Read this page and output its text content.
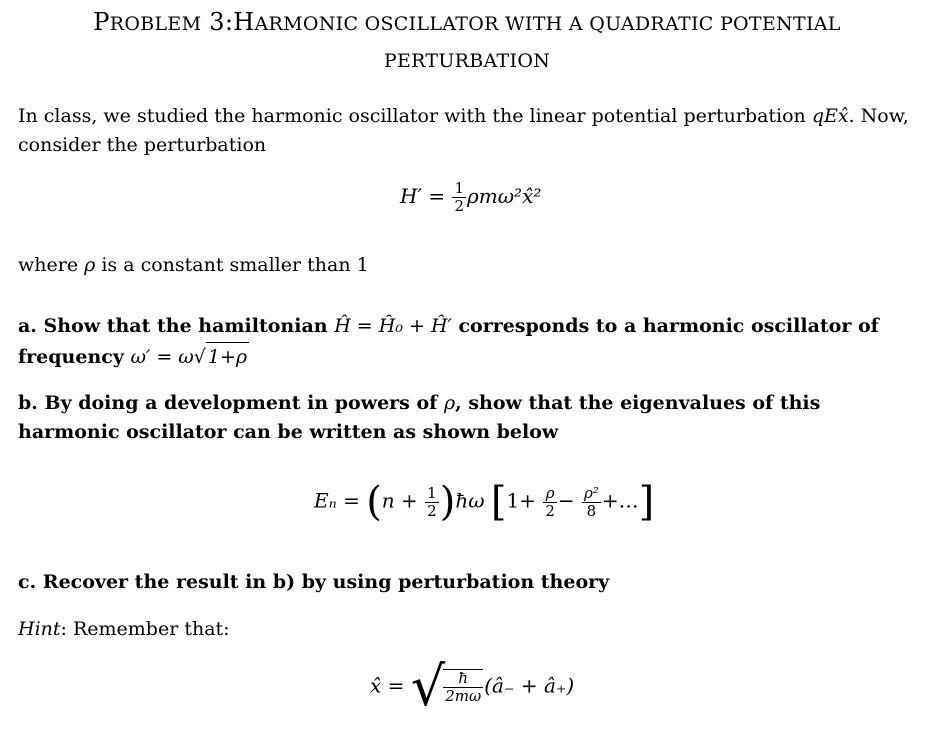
PROBLEM 3:HARMONIC OSCILLATOR WITH A QUADRATIC POTENTIAL
PERTURBATION
In class, we studied the harmonic oscillator with the linear potential perturbation qEx̂. Now,
consider the perturbation
$H' = \frac{1}{2}$ ρmω²x̂²
where ρ is a constant smaller than 1
a. Show that the hamiltonian Ĥ = Ĥ₀ + Ĥ′ corresponds to a harmonic oscillator of
frequency ω′ = ω√ 1+ρ
b. By doing a development in powers of ρ, show that the eigenvalues of this
harmonic oscillator can be written as shown below
$E_n = (n + \frac{1}{2}$ )ħω [$1+ \frac{\rho}{2} - \frac{\text{ρ²}}{8}$ +…]
c. Recover the result in b) by using perturbation theory
Hint: Remember that:
x̂ = √
$\frac{ħ}{2m\omega}$ (â₋ + â₊)
